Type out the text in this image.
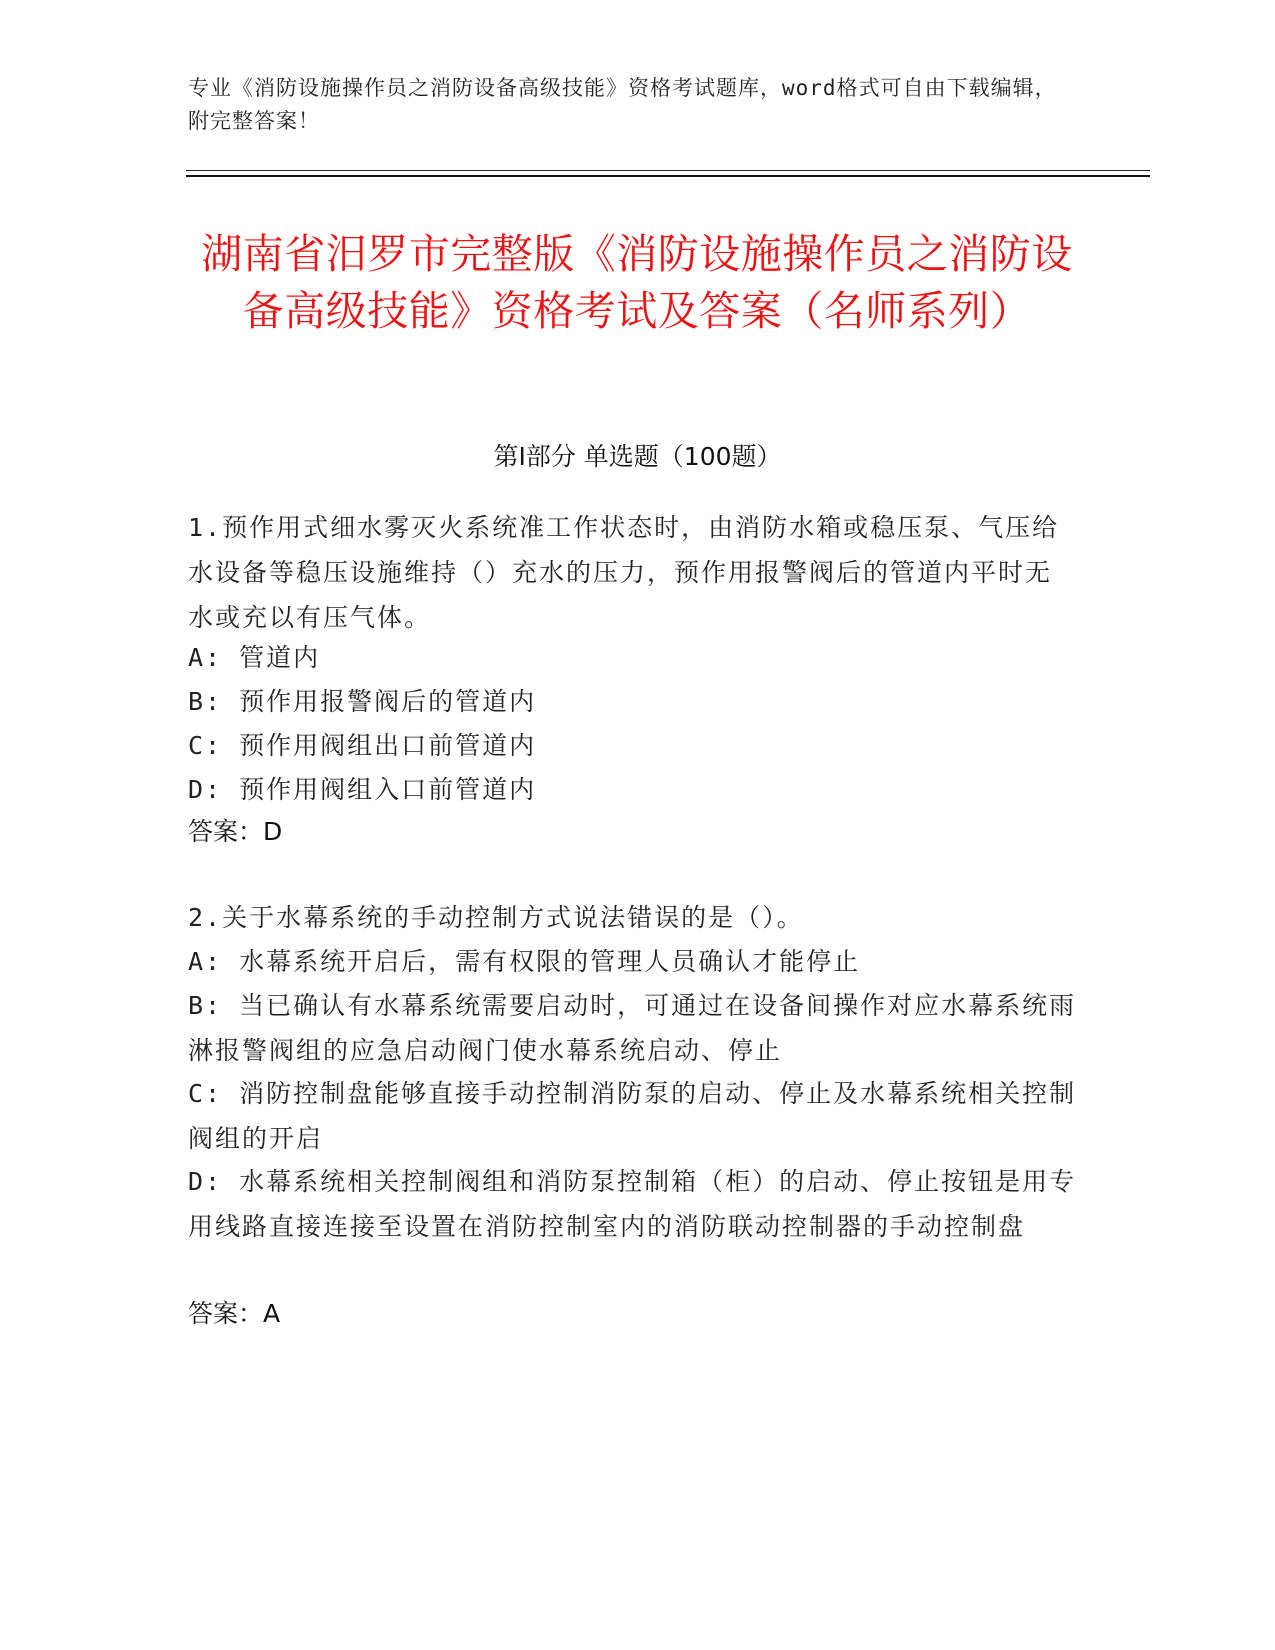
专业《消防设施操作员之消防设备高级技能》资格考试题库，word格式可自由下载编辑，附完整答案！
湖南省汨罗市完整版《消防设施操作员之消防设备高级技能》资格考试及答案（名师系列）
第I部分 单选题（100题）
1.预作用式细水雾灭火系统准工作状态时，由消防水箱或稳压泵、气压给水设备等稳压设施维持（）充水的压力，预作用报警阀后的管道内平时无水或充以有压气体。
A: 管道内
B: 预作用报警阀后的管道内
C: 预作用阀组出口前管道内
D: 预作用阀组入口前管道内
答案：D
2.关于水幕系统的手动控制方式说法错误的是（）。
A: 水幕系统开启后，需有权限的管理人员确认才能停止
B: 当已确认有水幕系统需要启动时，可通过在设备间操作对应水幕系统雨淋报警阀组的应急启动阀门使水幕系统启动、停止
C: 消防控制盘能够直接手动控制消防泵的启动、停止及水幕系统相关控制阀组的开启
D: 水幕系统相关控制阀组和消防泵控制箱（柜）的启动、停止按钮是用专用线路直接连接至设置在消防控制室内的消防联动控制器的手动控制盘
答案：A
